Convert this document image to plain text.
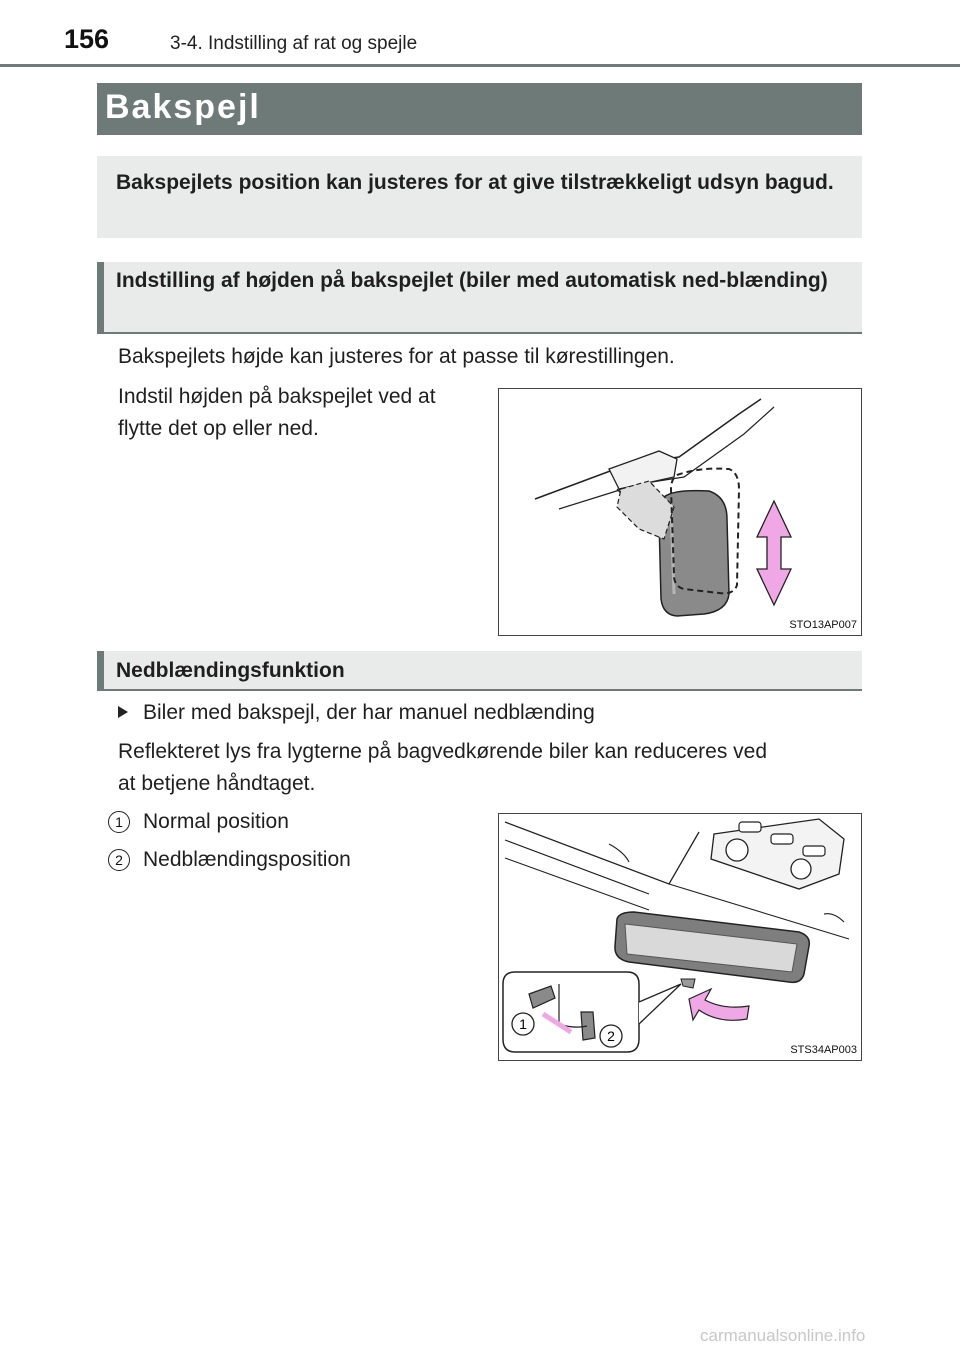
156	3-4. Indstilling af rat og spejle
Bakspejl
Bakspejlets position kan justeres for at give tilstrækkeligt udsyn bagud.
Indstilling af højden på bakspejlet (biler med automatisk ned-blænding)
Bakspejlets højde kan justeres for at passe til kørestillingen.
Indstil højden på bakspejlet ved at
flytte det op eller ned.
STO13AP007
Nedblændingsfunktion
Biler med bakspejl, der har manuel nedblænding
Reflekteret lys fra lygterne på bagvedkørende biler kan reduceres ved
at betjene håndtaget.
1 Normal position
2 Nedblændingsposition
1
2
STS34AP003
carmanualsonline.info
